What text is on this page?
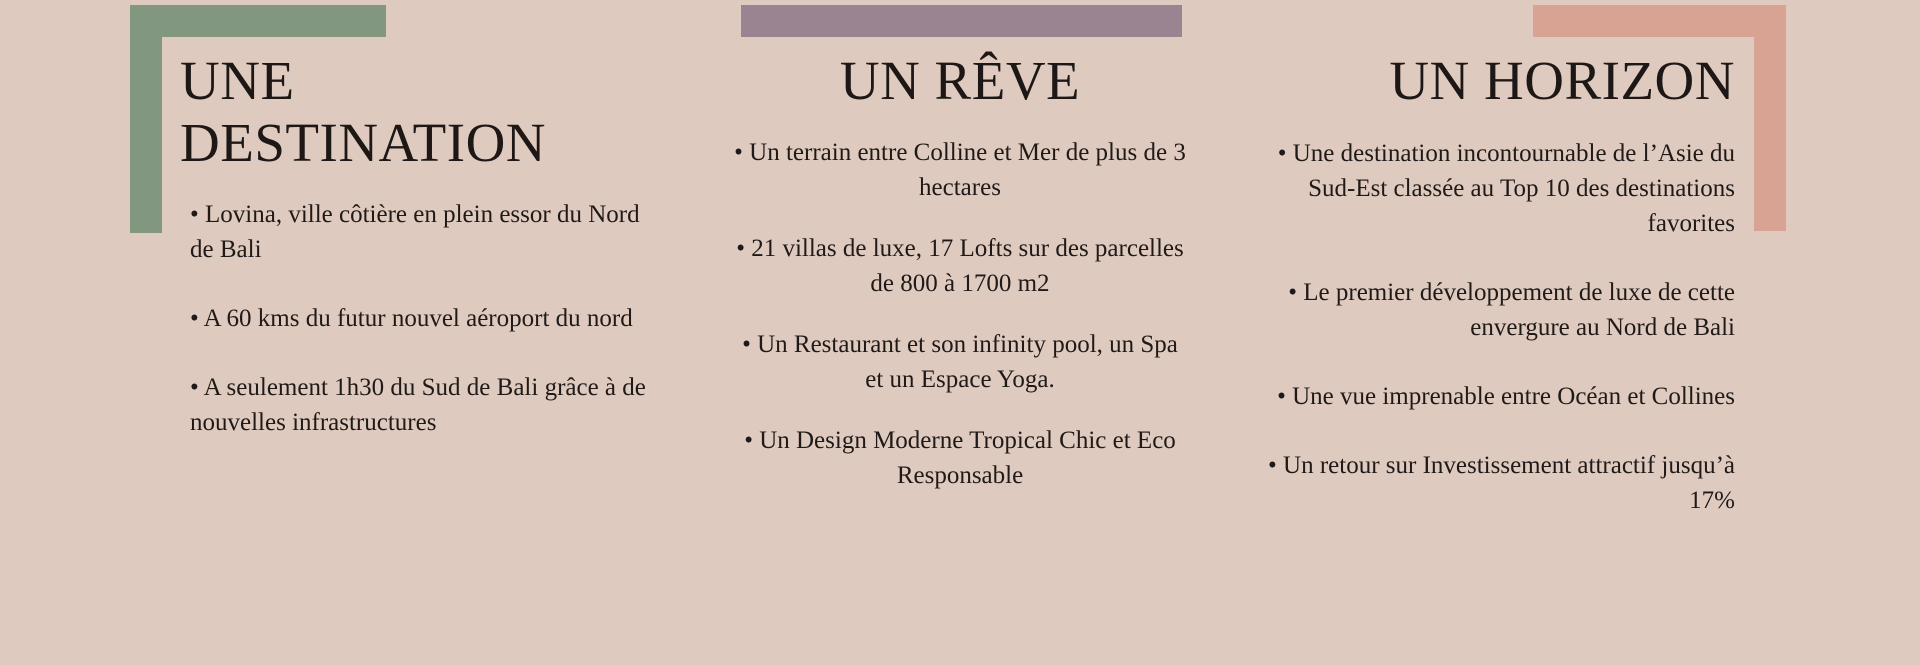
UNE DESTINATION
• Lovina, ville côtière en plein essor du Nord de Bali
• A 60 kms du futur nouvel aéroport du nord
• A seulement 1h30 du Sud de Bali grâce à de nouvelles infrastructures
UN RÊVE
• Un terrain entre Colline et Mer de plus de 3 hectares
• 21 villas de luxe, 17 Lofts sur des parcelles de 800 à 1700 m2
• Un Restaurant et son infinity pool, un Spa et un Espace Yoga.
• Un Design Moderne Tropical Chic et Eco Responsable
UN HORIZON
• Une destination incontournable de l’Asie du Sud-Est classée au Top 10 des destinations favorites
• Le premier développement de luxe de cette envergure au Nord de Bali
• Une vue imprenable entre Océan et Collines
• Un retour sur Investissement attractif jusqu’à 17%
